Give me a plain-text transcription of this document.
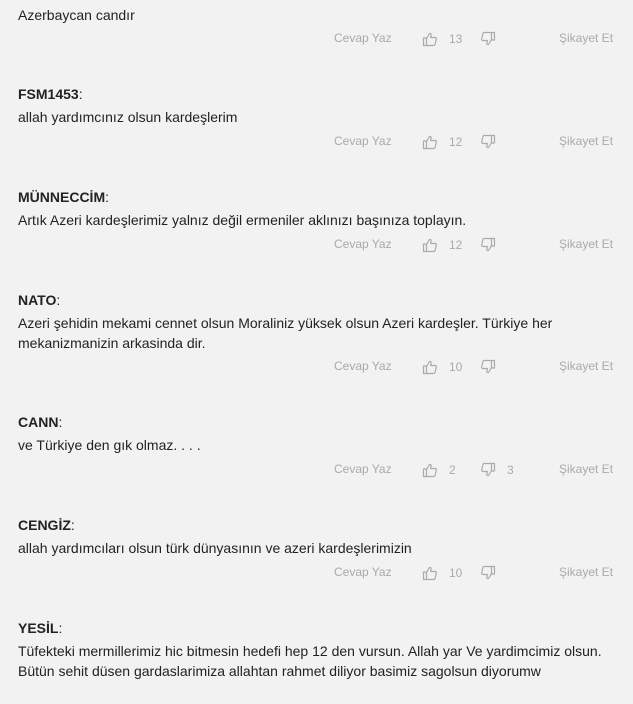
Azerbaycan candır
Cevap Yaz	13	Şikayet Et
FSM1453:
allah yardımcınız olsun kardeşlerim
Cevap Yaz	12	Şikayet Et
MÜNNECCİM:
Artık Azeri kardeşlerimiz yalnız değil ermeniler aklınızı başınıza toplayın.
Cevap Yaz	12	Şikayet Et
NATO:
Azeri şehidin mekami cennet olsun Moraliniz yüksek olsun Azeri kardeşler. Türkiye her mekanizmanizin arkasinda dir.
Cevap Yaz	10	Şikayet Et
CANN:
ve Türkiye den gık olmaz. . . .
Cevap Yaz	2	3	Şikayet Et
CENGİZ:
allah yardımcıları olsun türk dünyasının ve azeri kardeşlerimizin
Cevap Yaz	10	Şikayet Et
YESİL:
Tüfekteki mermillerimiz hic bitmesin hedefi hep 12 den vursun. Allah yar Ve yardimcimiz olsun. Bütün sehit düsen gardaslarimiza allahtan rahmet diliyor basimiz sagolsun diyorumw
